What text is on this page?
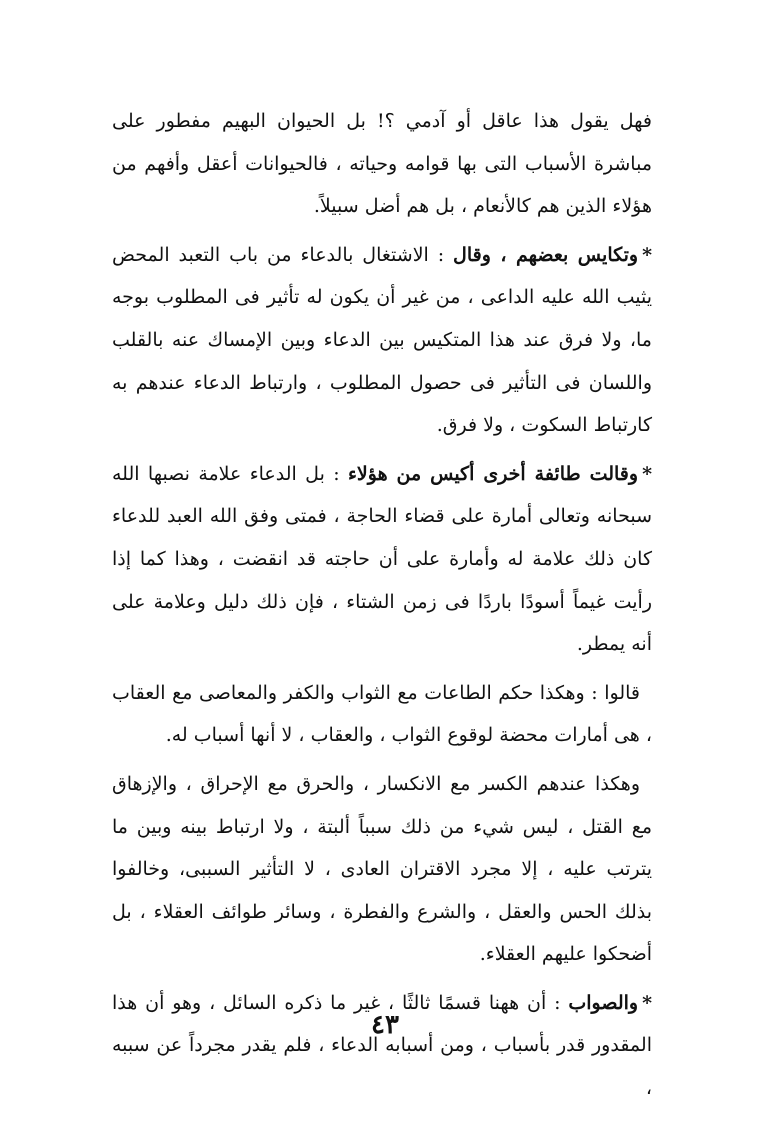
فهل يقول هذا عاقل أو آدمي ؟! بل الحيوان البهيم مفطور على مباشرة الأسباب التى بها قوامه وحياته ، فالحيوانات أعقل وأفهم من هؤلاء الذين هم كالأنعام ، بل هم أضل سبيلاً.

*وتكايس بعضهم ، وقال : الاشتغال بالدعاء من باب التعبد المحض يثيب الله عليه الداعى ، من غير أن يكون له تأثير فى المطلوب بوجه ما، ولا فرق عند هذا المتكيس بين الدعاء وبين الإمساك عنه بالقلب واللسان فى التأثير فى حصول المطلوب ، وارتباط الدعاء عندهم به كارتباط السكوت ، ولا فرق.

*وقالت طائفة أخرى أكيس من هؤلاء : بل الدعاء علامة نصبها الله سبحانه وتعالى أمارة على قضاء الحاجة ، فمتى وفق الله العبد للدعاء كان ذلك علامة له وأمارة على أن حاجته قد انقضت ، وهذا كما إذا رأيت غيماً أسودًا باردًا فى زمن الشتاء ، فإن ذلك دليل وعلامة على أنه يمطر.

قالوا : وهكذا حكم الطاعات مع الثواب والكفر والمعاصى مع العقاب ، هى أمارات محضة لوقوع الثواب ، والعقاب ، لا أنها أسباب له.

وهكذا عندهم الكسر مع الانكسار ، والحرق مع الإحراق ، والإزهاق مع القتل ، ليس شيء من ذلك سبباً ألبتة ، ولا ارتباط بينه وبين ما يترتب عليه ، إلا مجرد الاقتران العادى ، لا التأثير السببى، وخالفوا بذلك الحس والعقل ، والشرع والفطرة ، وسائر طوائف العقلاء ، بل أضحكوا عليهم العقلاء.

*والصواب : أن ههنا قسمًا ثالثًا ، غير ما ذكره السائل ، وهو أن هذا المقدور قدر بأسباب ، ومن أسبابه الدعاء ، فلم يقدر مجرداً عن سببه ،

٤٣
